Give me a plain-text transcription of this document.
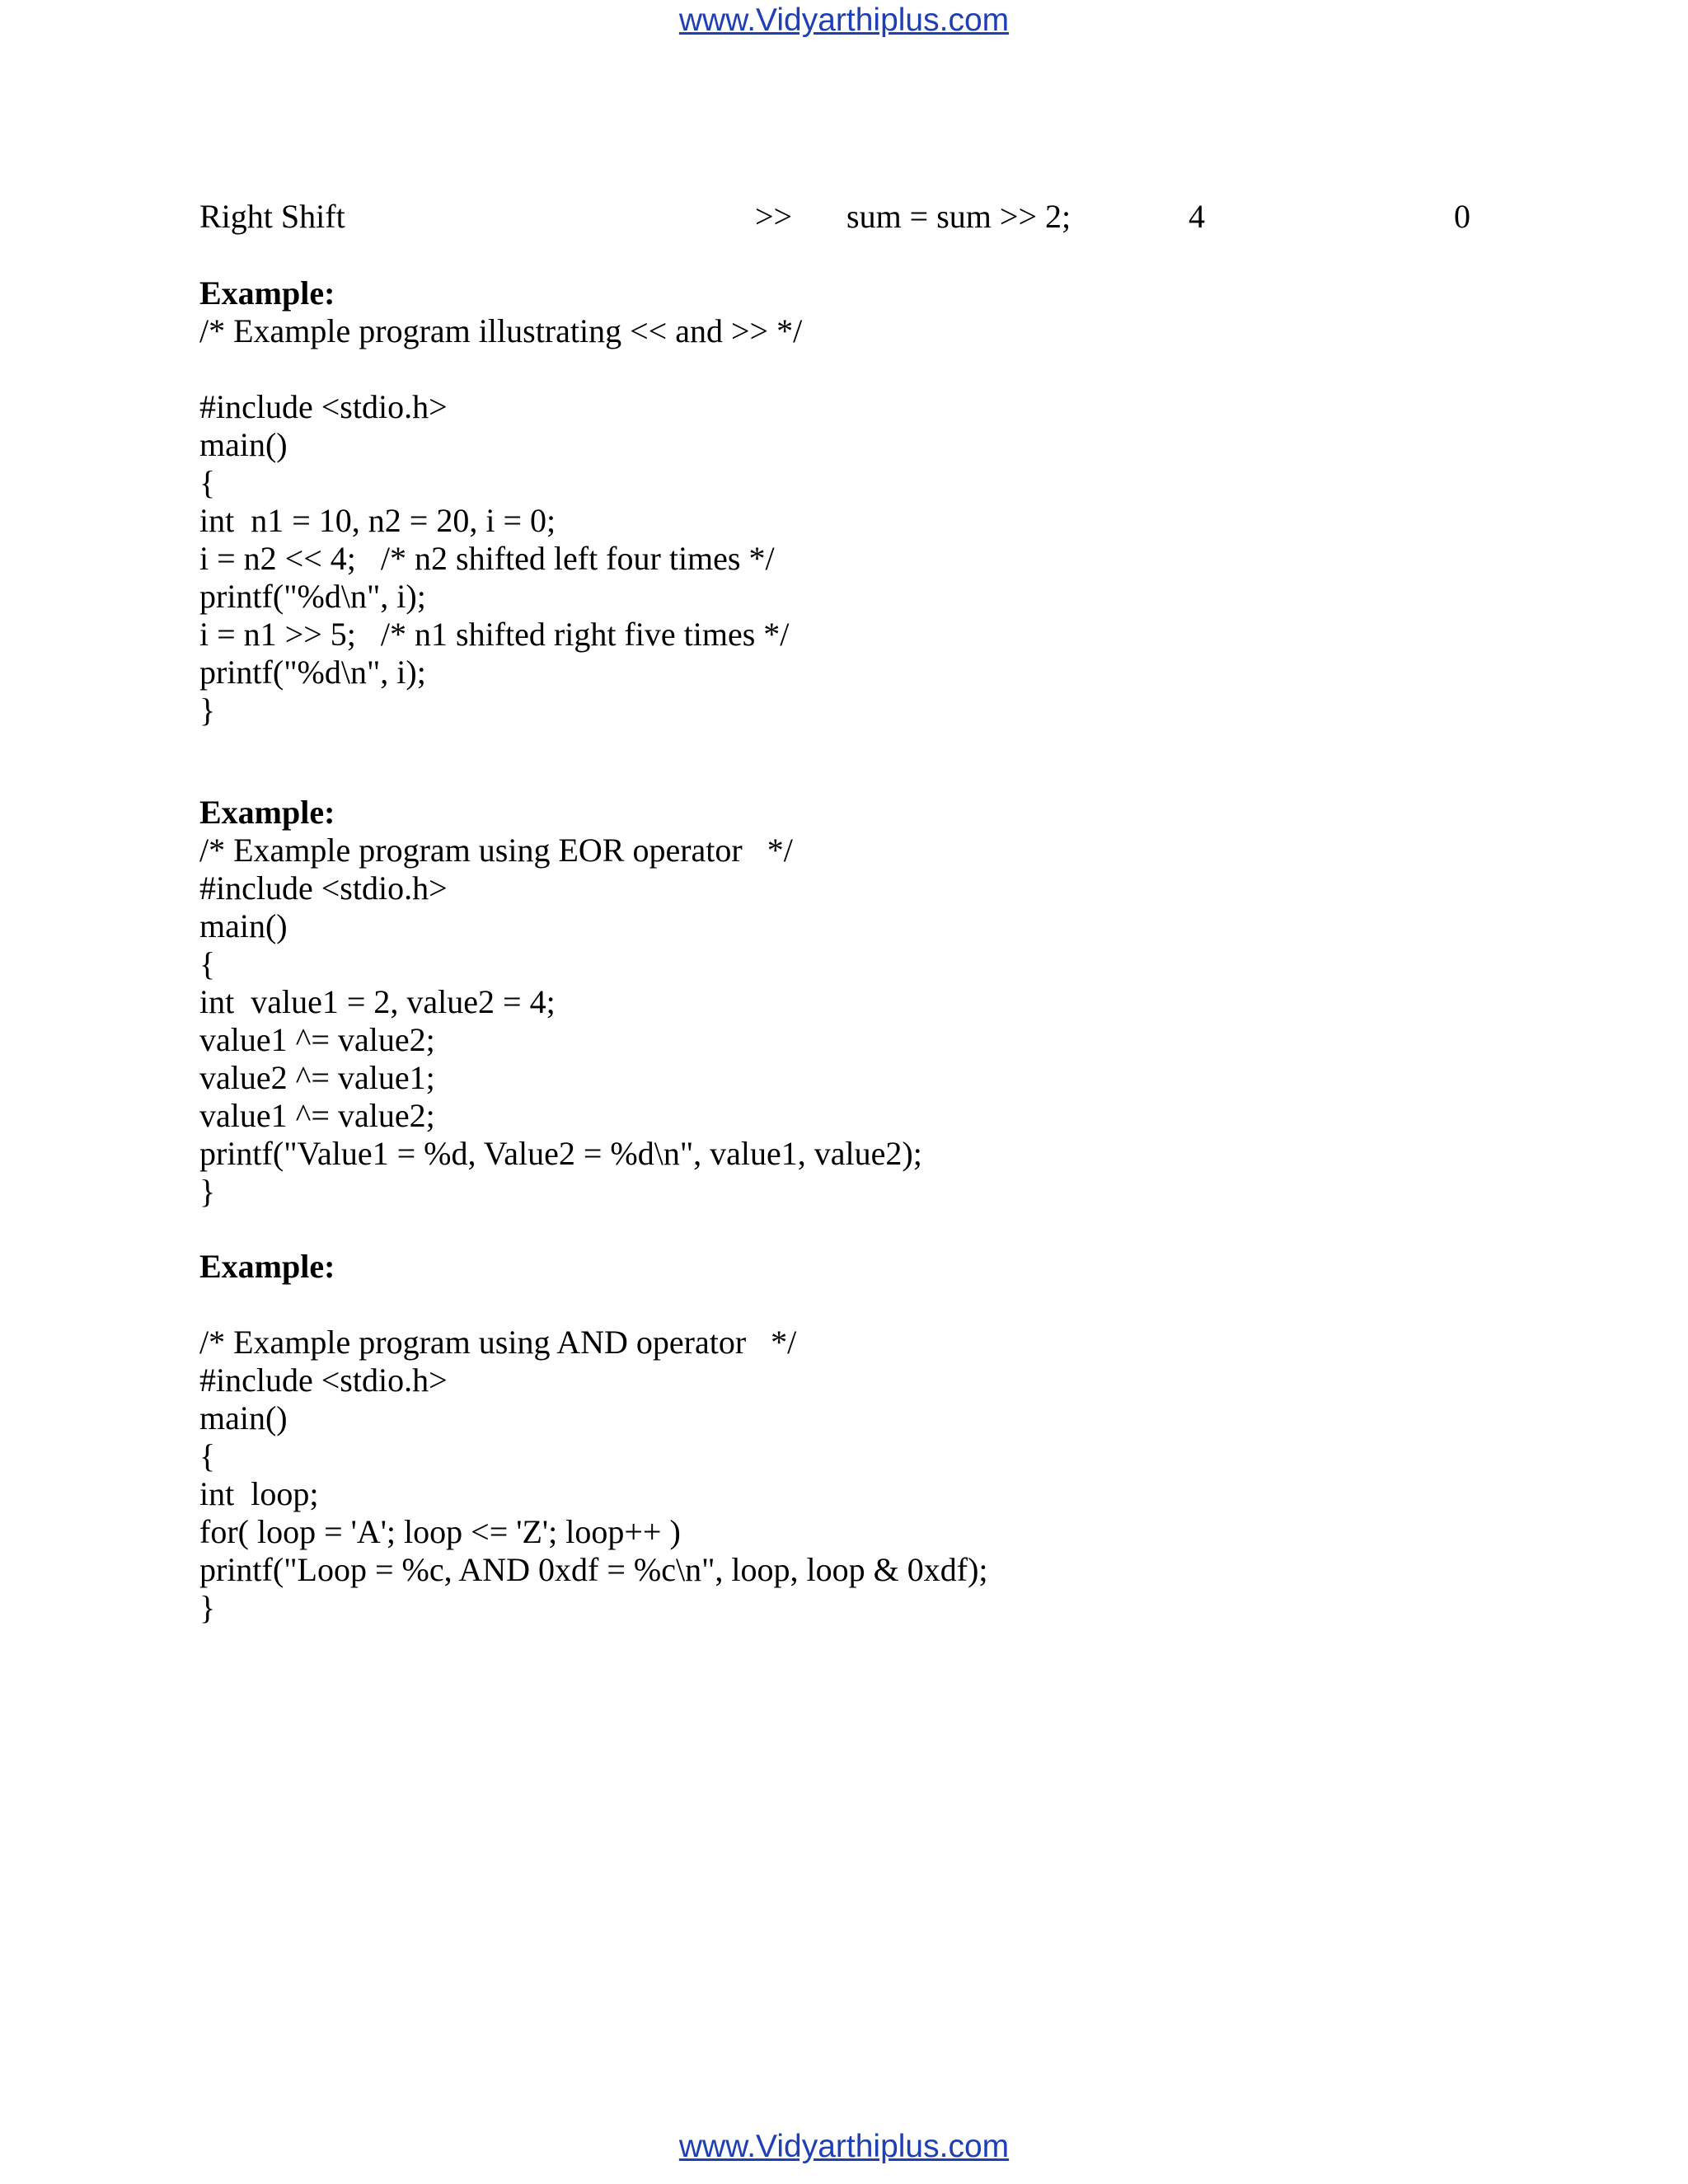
www.Vidyarthiplus.com
Right Shift	>> sum = sum >> 2;	4	0
Example:
/* Example program illustrating << and >> */
#include <stdio.h>
main()
{
int  n1 = 10, n2 = 20, i = 0;
i = n2 << 4;   /* n2 shifted left four times */
printf("%d\n", i);
i = n1 >> 5;   /* n1 shifted right five times */
printf("%d\n", i);
}
Example:
/* Example program using EOR operator   */
#include <stdio.h>
main()
{
int  value1 = 2, value2 = 4;
value1 ^= value2;
value2 ^= value1;
value1 ^= value2;
printf("Value1 = %d, Value2 = %d\n", value1, value2);
}
Example:
/* Example program using AND operator   */
#include <stdio.h>
main()
{
int  loop;
for( loop = 'A'; loop <= 'Z'; loop++ )
printf("Loop = %c, AND 0xdf = %c\n", loop, loop & 0xdf);
}
www.Vidyarthiplus.com
